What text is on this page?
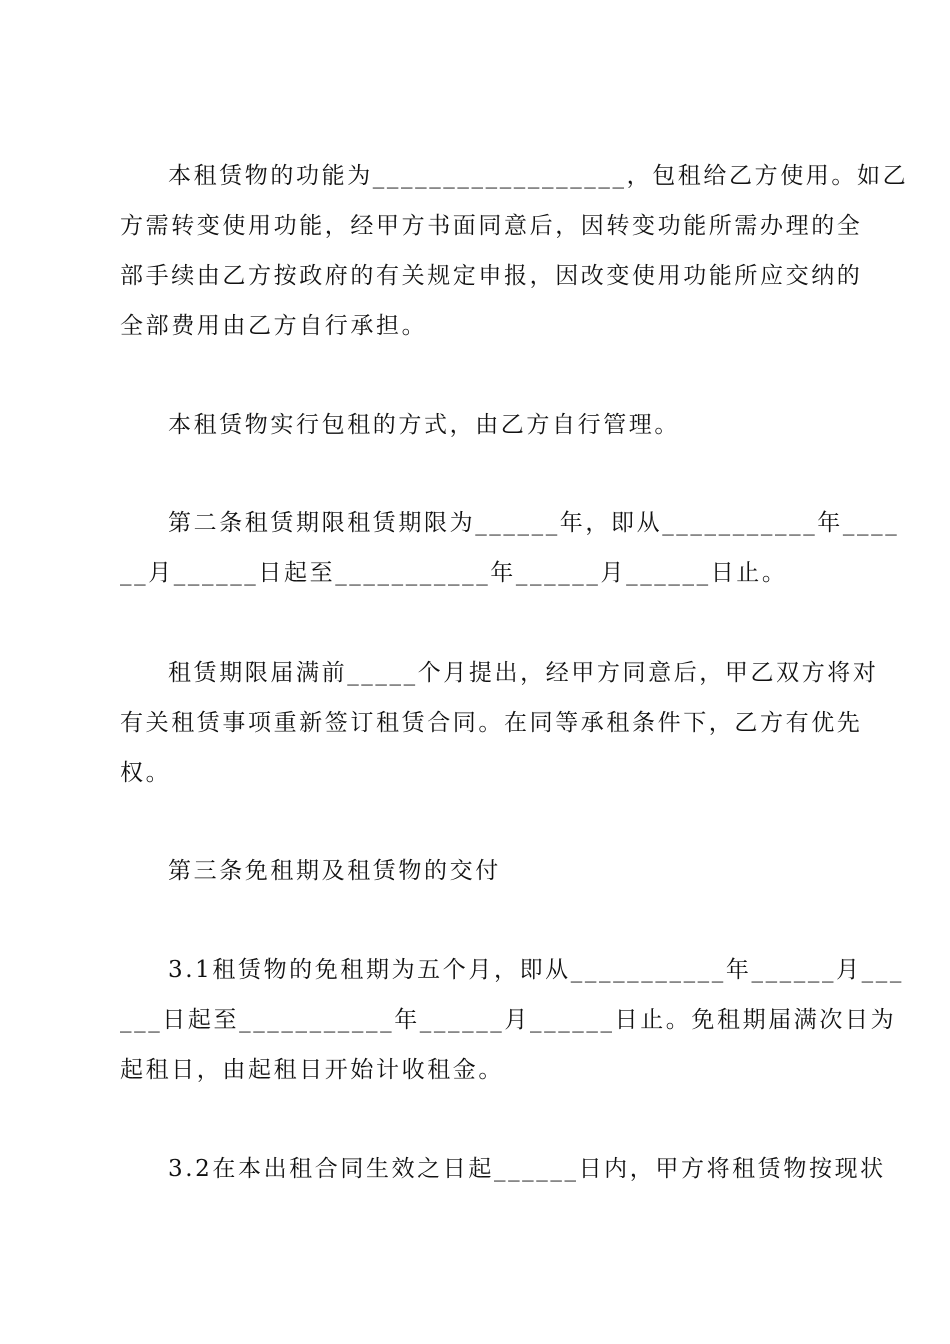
本租赁物的功能为__________________，包租给乙方使用。如乙
方需转变使用功能，经甲方书面同意后，因转变功能所需办理的全
部手续由乙方按政府的有关规定申报，因改变使用功能所应交纳的
全部费用由乙方自行承担。
本租赁物实行包租的方式，由乙方自行管理。
第二条租赁期限租赁期限为______年，即从___________年____
__月______日起至___________年______月______日止。
租赁期限届满前_____个月提出，经甲方同意后，甲乙双方将对
有关租赁事项重新签订租赁合同。在同等承租条件下，乙方有优先
权。
第三条免租期及租赁物的交付
3.1租赁物的免租期为五个月，即从___________年______月___
___日起至___________年______月______日止。免租期届满次日为
起租日，由起租日开始计收租金。
3.2在本出租合同生效之日起______日内，甲方将租赁物按现状
